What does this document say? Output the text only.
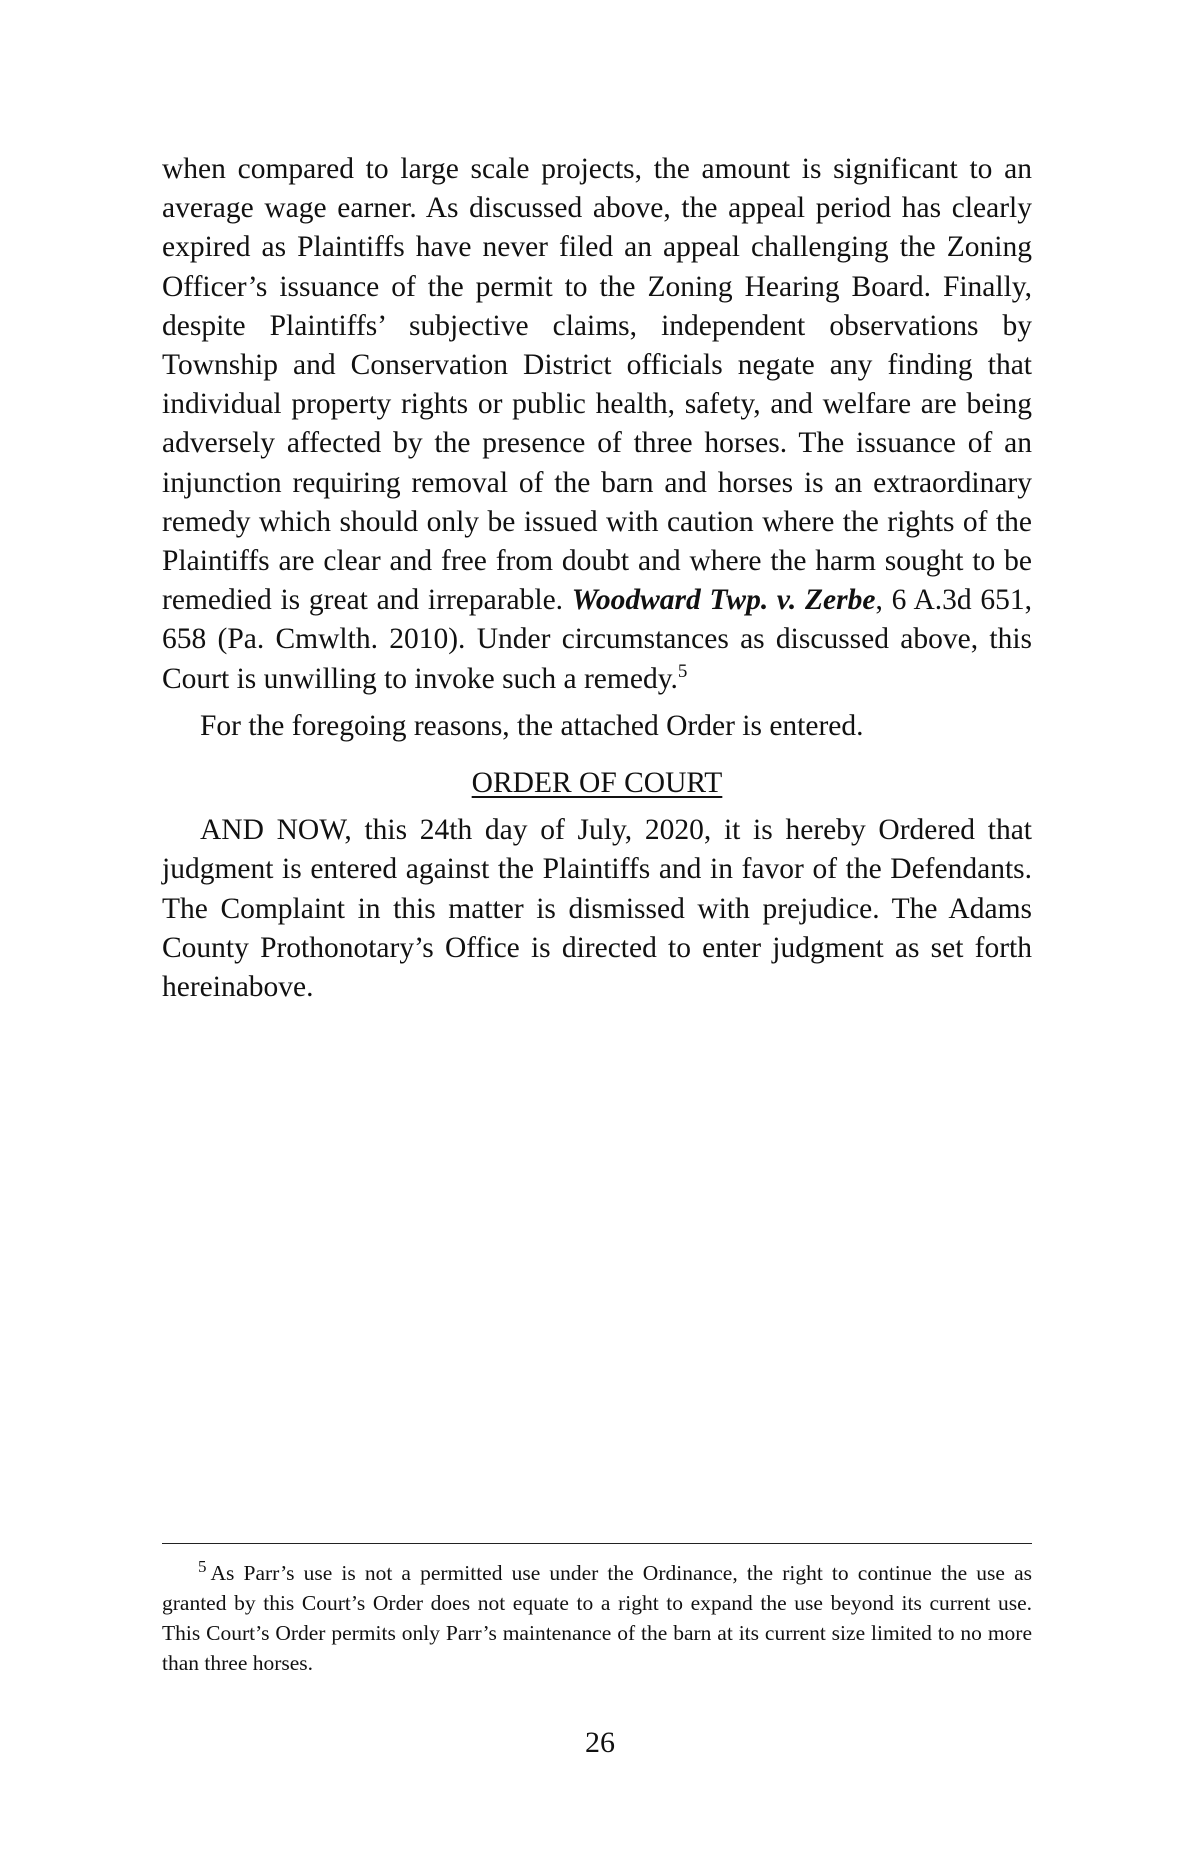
when compared to large scale projects, the amount is significant to an average wage earner. As discussed above, the appeal period has clearly expired as Plaintiffs have never filed an appeal challenging the Zoning Officer’s issuance of the permit to the Zoning Hearing Board. Finally, despite Plaintiffs’ subjective claims, independent observations by Township and Conservation District officials negate any finding that individual property rights or public health, safety, and welfare are being adversely affected by the presence of three horses. The issuance of an injunction requiring removal of the barn and horses is an extraordinary remedy which should only be issued with caution where the rights of the Plaintiffs are clear and free from doubt and where the harm sought to be remedied is great and irreparable. Woodward Twp. v. Zerbe, 6 A.3d 651, 658 (Pa. Cmwlth. 2010). Under circumstances as discussed above, this Court is unwilling to invoke such a remedy.$^5$

For the foregoing reasons, the attached Order is entered.

ORDER OF COURT

AND NOW, this 24th day of July, 2020, it is hereby Ordered that judgment is entered against the Plaintiffs and in favor of the Defendants. The Complaint in this matter is dismissed with prejudice. The Adams County Prothonotary’s Office is directed to enter judgment as set forth hereinabove.

$^5$ As Parr’s use is not a permitted use under the Ordinance, the right to continue the use as granted by this Court’s Order does not equate to a right to expand the use beyond its current use. This Court’s Order permits only Parr’s maintenance of the barn at its current size limited to no more than three horses.

26
